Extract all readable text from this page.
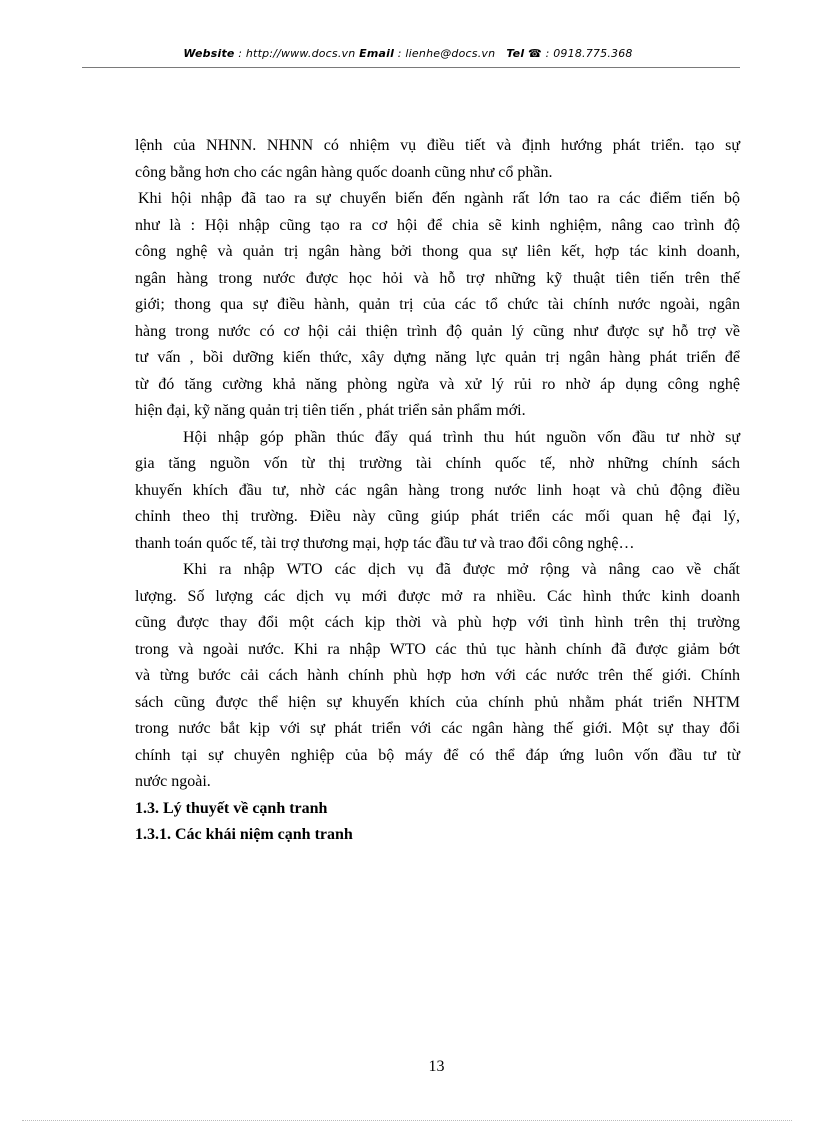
Website : http://www.docs.vn Email : lienhe@docs.vn Tel ☎ : 0918.775.368
lệnh của NHNN. NHNN có nhiệm vụ điều tiết và định hướng phát triển. tạo sự
công bằng hơn cho các ngân hàng quốc doanh cũng như cổ phần.
Khi hội nhập đã tao ra sự chuyển biến đến ngành rất lớn tao ra các điểm tiến bộ
như là : Hội nhập cũng tạo ra cơ hội để chia sẽ kinh nghiệm, nâng cao trình độ
công nghệ và quản trị ngân hàng bởi thong qua sự liên kết, hợp tác kinh doanh,
ngân hàng trong nước được học hỏi và hỗ trợ những kỹ thuật tiên tiến trên thế
giới; thong qua sự điều hành, quản trị của các tổ chức tài chính nước ngoài, ngân
hàng trong nước có cơ hội cải thiện trình độ quản lý cũng như được sự hỗ trợ về
tư vấn , bồi dưỡng kiến thức, xây dựng năng lực quản trị ngân hàng phát triển để
từ đó tăng cường khả năng phòng ngừa và xử lý rủi ro nhờ áp dụng công nghệ
hiện đại, kỹ năng quản trị tiên tiến , phát triển sản phẩm mới.
Hội nhập góp phần thúc đẩy quá trình thu hút nguồn vốn đầu tư nhờ sự
gia tăng nguồn vốn từ thị trường tài chính quốc tế, nhờ những chính sách
khuyến khích đầu tư, nhờ các ngân hàng trong nước linh hoạt và chủ động điều
chỉnh theo thị trường. Điều này cũng giúp phát triển các mối quan hệ đại lý,
thanh toán quốc tế, tài trợ thương mại, hợp tác đầu tư và trao đổi công nghệ…
Khi ra nhập WTO các dịch vụ đã được mở rộng và nâng cao về chất
lượng. Số lượng các dịch vụ mới được mở ra nhiều. Các hình thức kinh doanh
cũng được thay đổi một cách kịp thời và phù hợp với tình hình trên thị trường
trong và ngoài nước. Khi ra nhập WTO các thủ tục hành chính đã được giảm bớt
và từng bước cải cách hành chính phù hợp hơn với các nước trên thế giới. Chính
sách cũng được thể hiện sự khuyến khích của chính phủ nhằm phát triển NHTM
trong nước bắt kịp với sự phát triển với các ngân hàng thế giới. Một sự thay đổi
chính tại sự chuyên nghiệp của bộ máy để có thể đáp ứng luôn vốn đầu tư từ
nước ngoài.
1.3. Lý thuyết về cạnh tranh
1.3.1. Các khái niệm cạnh tranh
13
